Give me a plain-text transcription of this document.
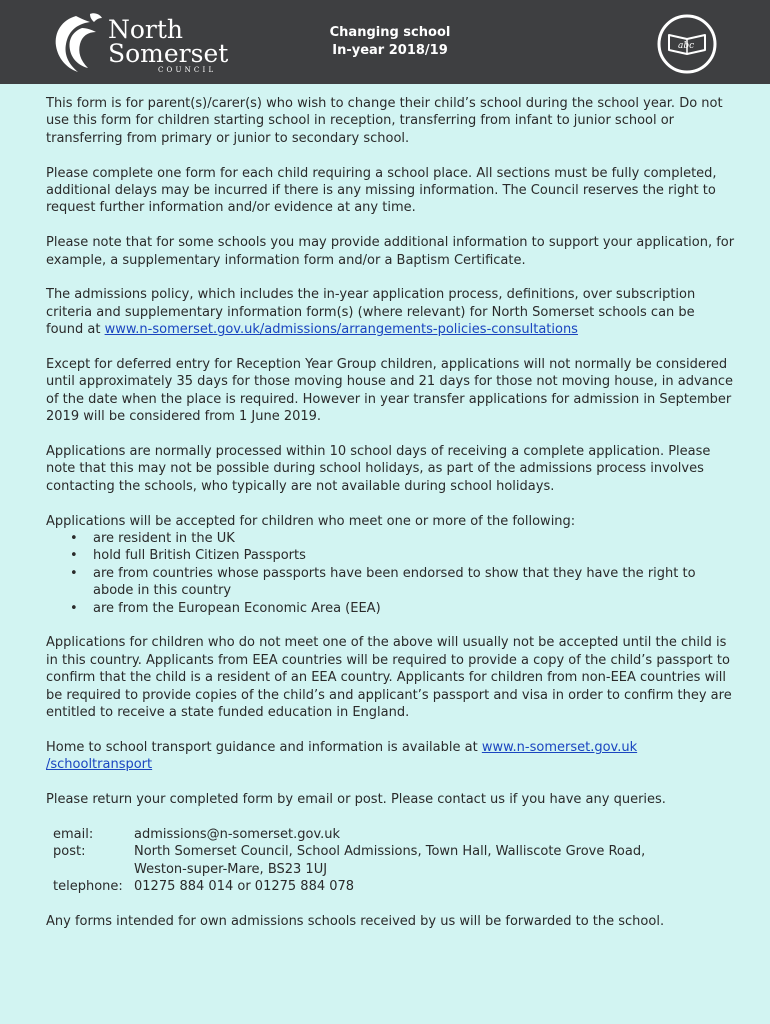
North
Somerset
COUNCIL
Changing school
In-year 2018/19	abc

This form is for parent(s)/carer(s) who wish to change their child’s school during the school year. Do not use this form for children starting school in reception, transferring from infant to junior school or transferring from primary or junior to secondary school.

Please complete one form for each child requiring a school place. All sections must be fully completed, additional delays may be incurred if there is any missing information. The Council reserves the right to request further information and/or evidence at any time.

Please note that for some schools you may provide additional information to support your application, for example, a supplementary information form and/or a Baptism Certificate.

The admissions policy, which includes the in-year application process, definitions, over subscription criteria and supplementary information form(s) (where relevant) for North Somerset schools can be found at www.n-somerset.gov.uk/admissions/arrangements-policies-consultations

Except for deferred entry for Reception Year Group children, applications will not normally be considered until approximately 35 days for those moving house and 21 days for those not moving house, in advance of the date when the place is required. However in year transfer applications for admission in September 2019 will be considered from 1 June 2019.

Applications are normally processed within 10 school days of receiving a complete application. Please note that this may not be possible during school holidays, as part of the admissions process involves contacting the schools, who typically are not available during school holidays.

Applications will be accepted for children who meet one or more of the following:
• are resident in the UK
• hold full British Citizen Passports
• are from countries whose passports have been endorsed to show that they have the right to abode in this country
• are from the European Economic Area (EEA)

Applications for children who do not meet one of the above will usually not be accepted until the child is in this country. Applicants from EEA countries will be required to provide a copy of the child’s passport to confirm that the child is a resident of an EEA country. Applicants for children from non-EEA countries will be required to provide copies of the child’s and applicant’s passport and visa in order to confirm they are entitled to receive a state funded education in England.

Home to school transport guidance and information is available at www.n-somerset.gov.uk
/schooltransport

Please return your completed form by email or post. Please contact us if you have any queries.

email:	admissions@n-somerset.gov.uk
post:	North Somerset Council, School Admissions, Town Hall, Walliscote Grove Road,
Weston-super-Mare, BS23 1UJ
telephone: 01275 884 014 or 01275 884 078

Any forms intended for own admissions schools received by us will be forwarded to the school.
